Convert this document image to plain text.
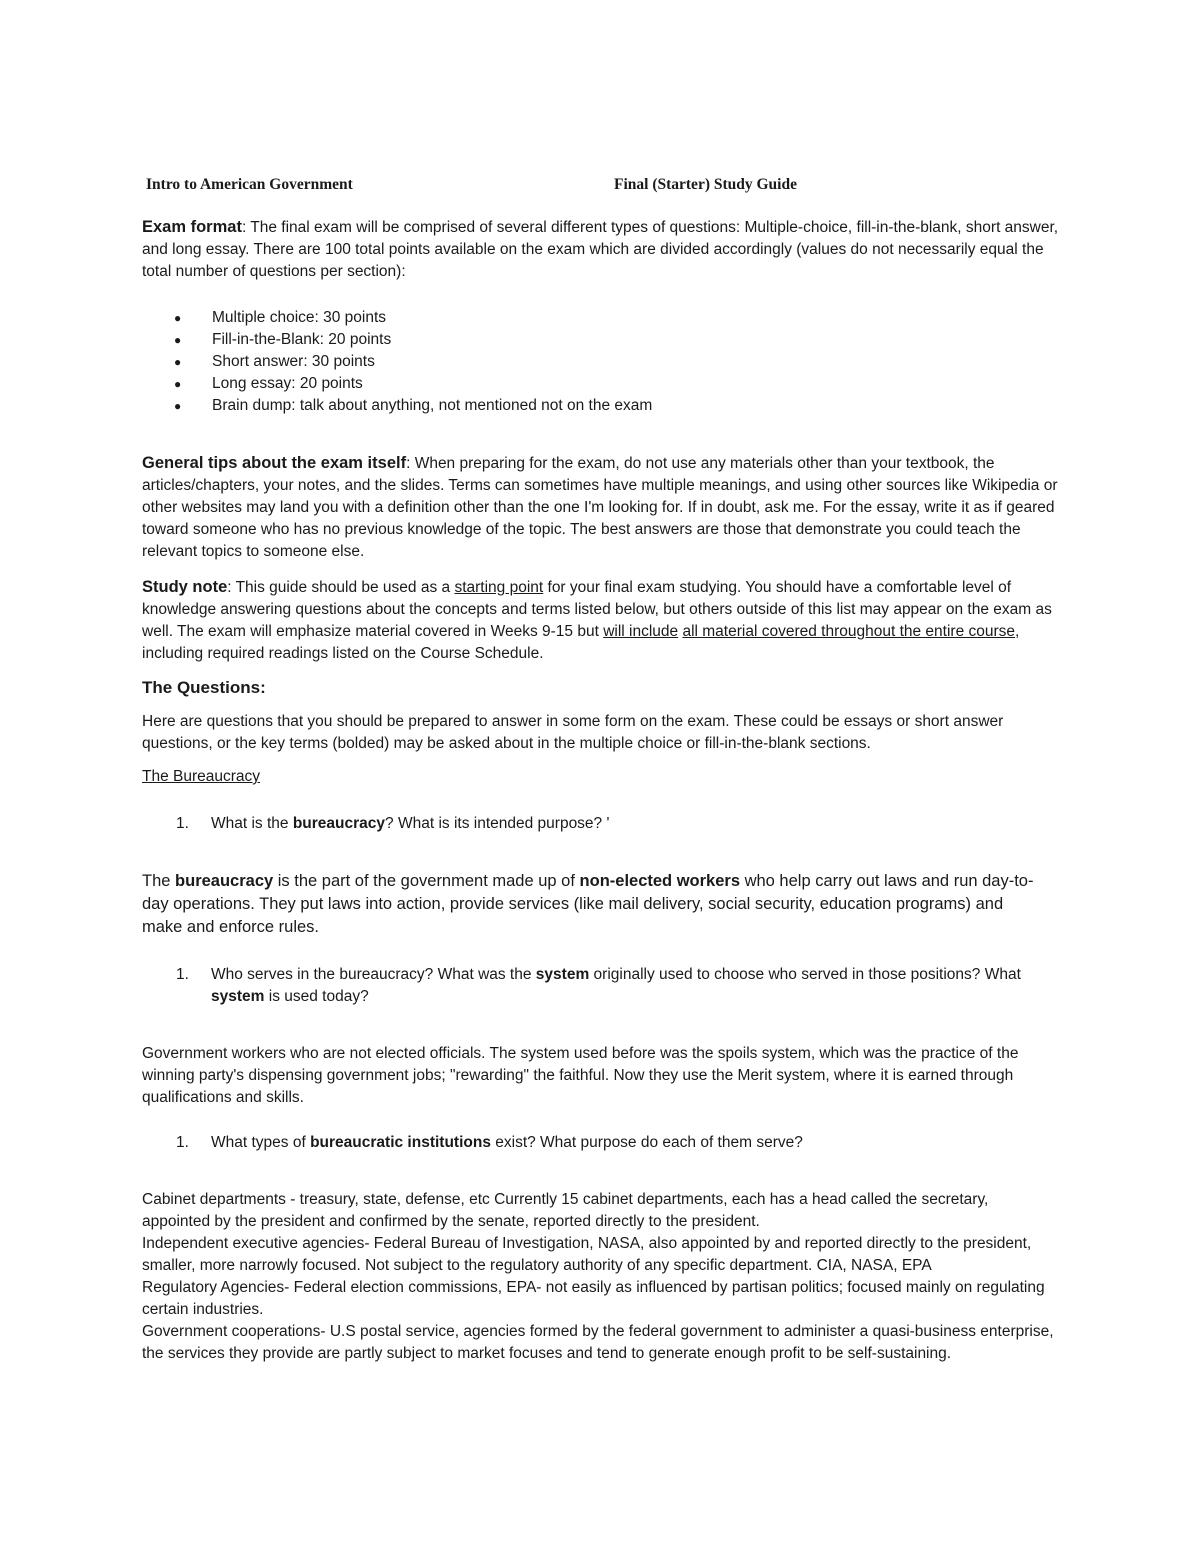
Intro to American Government	Final (Starter) Study Guide

Exam format: The final exam will be comprised of several different types of questions: Multiple-choice, fill-in-the-blank, short answer, and long essay. There are 100 total points available on the exam which are divided accordingly (values do not necessarily equal the total number of questions per section):

● Multiple choice: 30 points
● Fill-in-the-Blank: 20 points
● Short answer: 30 points
● Long essay: 20 points
● Brain dump: talk about anything, not mentioned not on the exam

General tips about the exam itself: When preparing for the exam, do not use any materials other than your textbook, the articles/chapters, your notes, and the slides. Terms can sometimes have multiple meanings, and using other sources like Wikipedia or other websites may land you with a definition other than the one I'm looking for. If in doubt, ask me. For the essay, write it as if geared toward someone who has no previous knowledge of the topic. The best answers are those that demonstrate you could teach the relevant topics to someone else.

Study note: This guide should be used as a starting point for your final exam studying. You should have a comfortable level of knowledge answering questions about the concepts and terms listed below, but others outside of this list may appear on the exam as well. The exam will emphasize material covered in Weeks 9-15 but will include all material covered throughout the entire course, including required readings listed on the Course Schedule.

The Questions:

Here are questions that you should be prepared to answer in some form on the exam. These could be essays or short answer questions, or the key terms (bolded) may be asked about in the multiple choice or fill-in-the-blank sections.

The Bureaucracy

1. What is the bureaucracy? What is its intended purpose? '

The bureaucracy is the part of the government made up of non-elected workers who help carry out laws and run day-to-day operations. They put laws into action, provide services (like mail delivery, social security, education programs) and make and enforce rules.

1. Who serves in the bureaucracy? What was the system originally used to choose who served in those positions? What system is used today?

Government workers who are not elected officials. The system used before was the spoils system, which was the practice of the winning party's dispensing government jobs; "rewarding" the faithful. Now they use the Merit system, where it is earned through qualifications and skills.

1. What types of bureaucratic institutions exist? What purpose do each of them serve?

Cabinet departments - treasury, state, defense, etc Currently 15 cabinet departments, each has a head called the secretary, appointed by the president and confirmed by the senate, reported directly to the president.

Independent executive agencies- Federal Bureau of Investigation, NASA, also appointed by and reported directly to the president, smaller, more narrowly focused. Not subject to the regulatory authority of any specific department. CIA, NASA, EPA

Regulatory Agencies- Federal election commissions, EPA- not easily as influenced by partisan politics; focused mainly on regulating certain industries.

Government cooperations- U.S postal service, agencies formed by the federal government to administer a quasi-business enterprise, the services they provide are partly subject to market focuses and tend to generate enough profit to be self-sustaining.
